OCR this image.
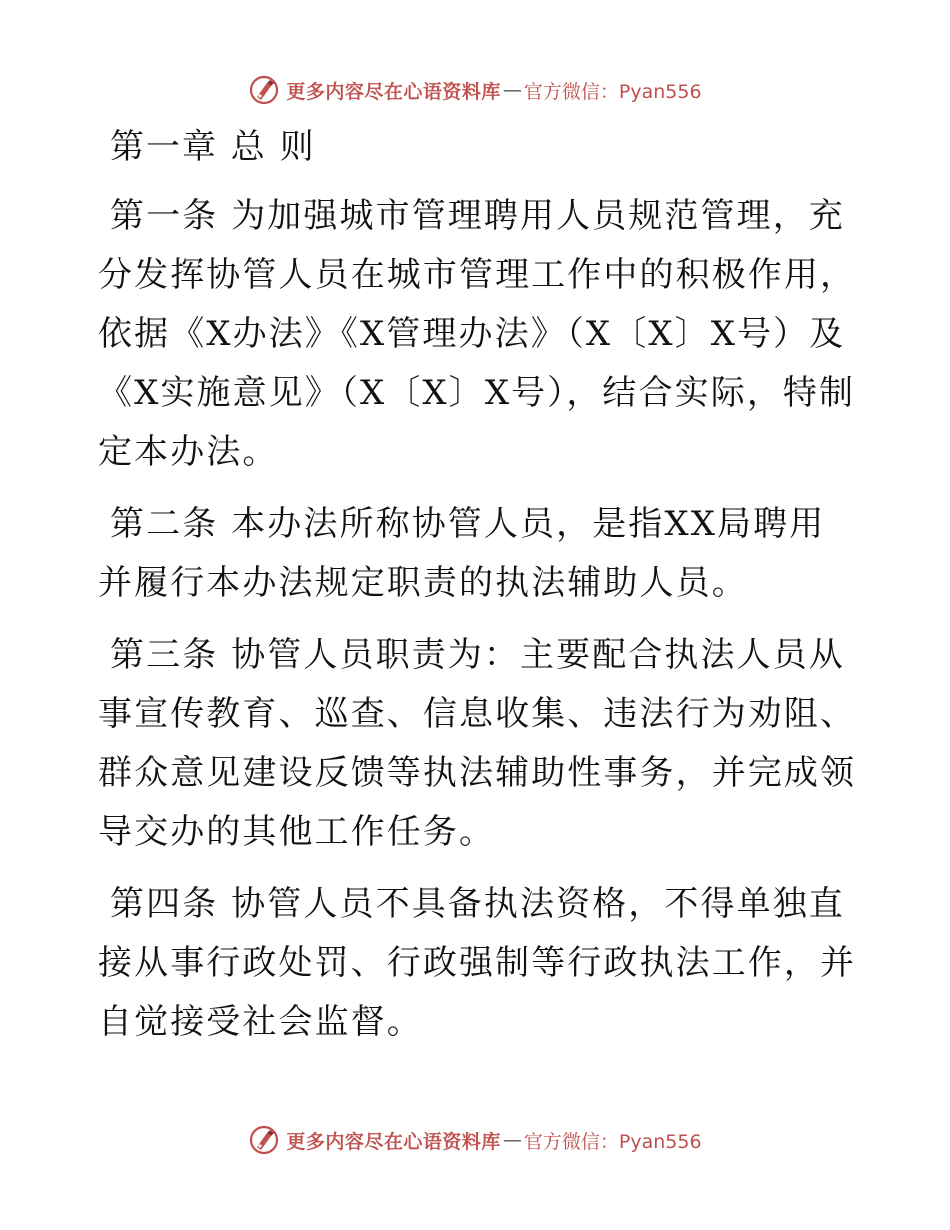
更多内容尽在心语资料库 — 官方微信：Pyan556
第一章 总 则

第一条 为加强城市管理聘用人员规范管理，充分发挥协管人员在城市管理工作中的积极作用，依据《X办法》《X管理办法》（X〔X〕X号）及《X实施意见》（X〔X〕X号），结合实际，特制定本办法。

第二条 本办法所称协管人员，是指XX局聘用并履行本办法规定职责的执法辅助人员。

第三条 协管人员职责为：主要配合执法人员从事宣传教育、巡查、信息收集、违法行为劝阻、群众意见建设反馈等执法辅助性事务，并完成领导交办的其他工作任务。

第四条 协管人员不具备执法资格，不得单独直接从事行政处罚、行政强制等行政执法工作，并自觉接受社会监督。

更多内容尽在心语资料库 — 官方微信：Pyan556
